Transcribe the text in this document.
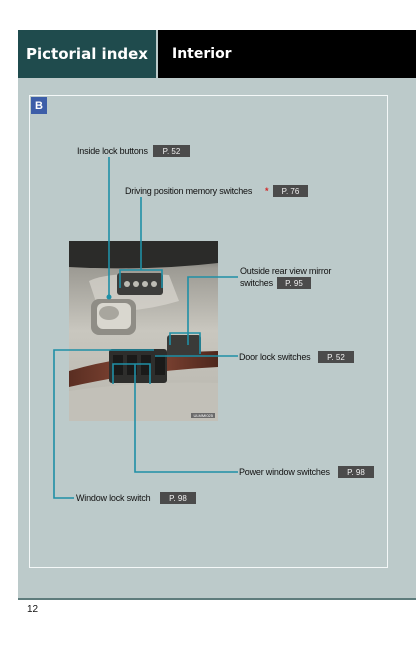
Pictorial index	Interior
B
ULMMI025
Inside lock buttons P. 52
Driving position memory switches * P. 76
Outside rear view mirror
switches P. 95
Door lock switches P. 52
Power window switches P. 98
Window lock switch P. 98
12
